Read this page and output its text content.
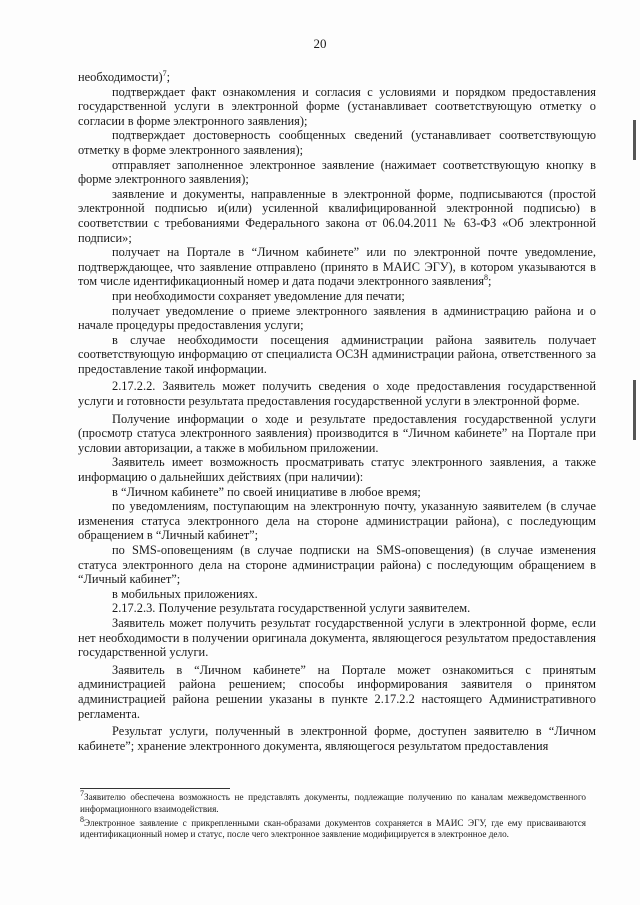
20

необходимости)$^7$;

подтверждает факт ознакомления и согласия с условиями и порядком предоставления государственной услуги в электронной форме (устанавливает соответствующую отметку о согласии в форме электронного заявления);

подтверждает достоверность сообщенных сведений (устанавливает соответствующую отметку в форме электронного заявления);

отправляет заполненное электронное заявление (нажимает соответствующую кнопку в форме электронного заявления);

заявление и документы, направленные в электронной форме, подписываются (простой электронной подписью и(или) усиленной квалифицированной электронной подписью) в соответствии с требованиями Федерального закона от 06.04.2011 № 63-ФЗ «Об электронной подписи»;

получает на Портале в “Личном кабинете” или по электронной почте уведомление, подтверждающее, что заявление отправлено (принято в МАИС ЭГУ), в котором указываются в том числе идентификационный номер и дата подачи электронного заявления$^8$;

при необходимости сохраняет уведомление для печати;

получает уведомление о приеме электронного заявления в администрацию района и о начале процедуры предоставления услуги;

в случае необходимости посещения администрации района заявитель получает соответствующую информацию от специалиста ОСЗН администрации района, ответственного за предоставление такой информации.

2.17.2.2. Заявитель может получить сведения о ходе предоставления государственной услуги и готовности результата предоставления государственной услуги в электронной форме.

Получение информации о ходе и результате предоставления государственной услуги (просмотр статуса электронного заявления) производится в “Личном кабинете” на Портале при условии авторизации, а также в мобильном приложении.

Заявитель имеет возможность просматривать статус электронного заявления, а также информацию о дальнейших действиях (при наличии):

в “Личном кабинете” по своей инициативе в любое время;

по уведомлениям, поступающим на электронную почту, указанную заявителем (в случае изменения статуса электронного дела на стороне администрации района), с последующим обращением в “Личный кабинет”;

по SMS-оповещениям (в случае подписки на SMS-оповещения) (в случае изменения статуса электронного дела на стороне администрации района) с последующим обращением в “Личный кабинет”;

в мобильных приложениях.

2.17.2.3. Получение результата государственной услуги заявителем.

Заявитель может получить результат государственной услуги в электронной форме, если нет необходимости в получении оригинала документа, являющегося результатом предоставления государственной услуги.

Заявитель в “Личном кабинете” на Портале может ознакомиться с принятым администрацией района решением; способы информирования заявителя о принятом администрацией района решении указаны в пункте 2.17.2.2 настоящего Административного регламента.

Результат услуги, полученный в электронной форме, доступен заявителю в “Личном кабинете”; хранение электронного документа, являющегося результатом предоставления

$^7$Заявителю обеспечена возможность не представлять документы, подлежащие получению по каналам межведомственного информационного взаимодействия.

$^8$Электронное заявление с прикрепленными скан-образами документов сохраняется в МАИС ЭГУ, где ему присваиваются идентификационный номер и статус, после чего электронное заявление модифицируется в электронное дело.
